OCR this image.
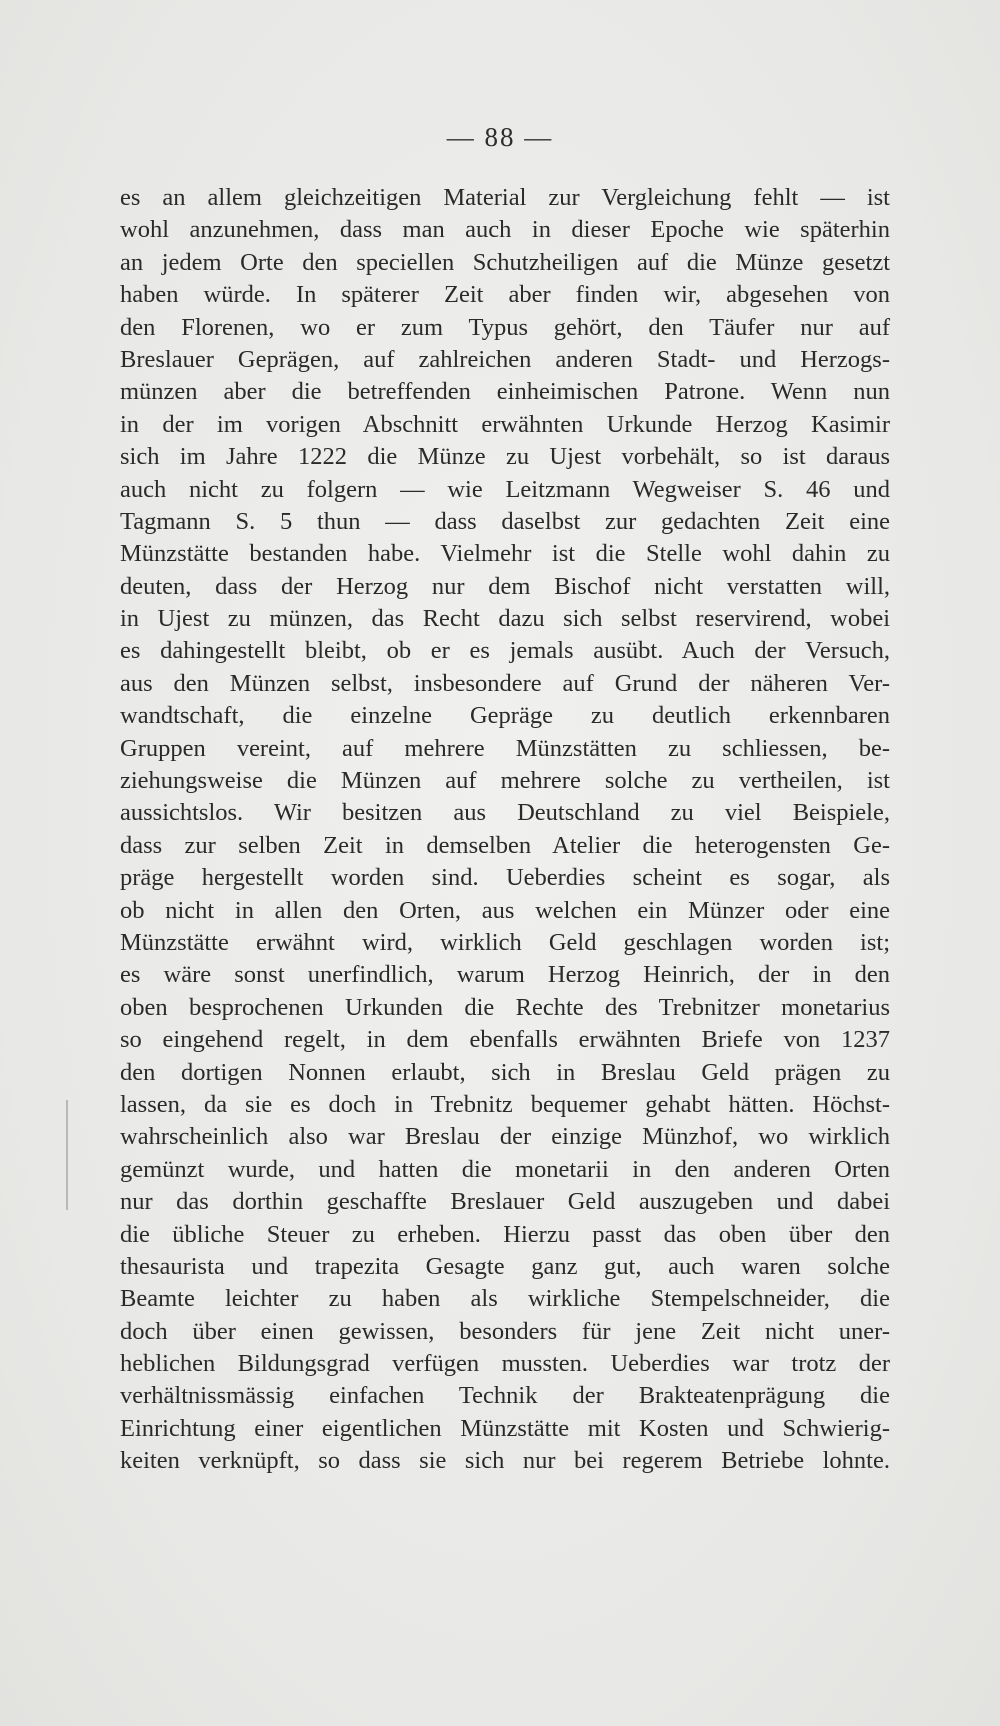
— 88 —
es an allem gleichzeitigen Material zur Vergleichung fehlt — ist
wohl anzunehmen, dass man auch in dieser Epoche wie späterhin
an jedem Orte den speciellen Schutzheiligen auf die Münze gesetzt
haben würde. In späterer Zeit aber finden wir, abgesehen von
den Florenen, wo er zum Typus gehört, den Täufer nur auf
Breslauer Geprägen, auf zahlreichen anderen Stadt- und Herzogs-
münzen aber die betreffenden einheimischen Patrone. Wenn nun
in der im vorigen Abschnitt erwähnten Urkunde Herzog Kasimir
sich im Jahre 1222 die Münze zu Ujest vorbehält, so ist daraus
auch nicht zu folgern — wie Leitzmann Wegweiser S. 46 und
Tagmann S. 5 thun — dass daselbst zur gedachten Zeit eine
Münzstätte bestanden habe. Vielmehr ist die Stelle wohl dahin zu
deuten, dass der Herzog nur dem Bischof nicht verstatten will,
in Ujest zu münzen, das Recht dazu sich selbst reservirend, wobei
es dahingestellt bleibt, ob er es jemals ausübt. Auch der Versuch,
aus den Münzen selbst, insbesondere auf Grund der näheren Ver-
wandtschaft, die einzelne Gepräge zu deutlich erkennbaren
Gruppen vereint, auf mehrere Münzstätten zu schliessen, be-
ziehungsweise die Münzen auf mehrere solche zu vertheilen, ist
aussichtslos. Wir besitzen aus Deutschland zu viel Beispiele,
dass zur selben Zeit in demselben Atelier die heterogensten Ge-
präge hergestellt worden sind. Ueberdies scheint es sogar, als
ob nicht in allen den Orten, aus welchen ein Münzer oder eine
Münzstätte erwähnt wird, wirklich Geld geschlagen worden ist;
es wäre sonst unerfindlich, warum Herzog Heinrich, der in den
oben besprochenen Urkunden die Rechte des Trebnitzer monetarius
so eingehend regelt, in dem ebenfalls erwähnten Briefe von 1237
den dortigen Nonnen erlaubt, sich in Breslau Geld prägen zu
lassen, da sie es doch in Trebnitz bequemer gehabt hätten. Höchst-
wahrscheinlich also war Breslau der einzige Münzhof, wo wirklich
gemünzt wurde, und hatten die monetarii in den anderen Orten
nur das dorthin geschaffte Breslauer Geld auszugeben und dabei
die übliche Steuer zu erheben. Hierzu passt das oben über den
thesaurista und trapezita Gesagte ganz gut, auch waren solche
Beamte leichter zu haben als wirkliche Stempelschneider, die
doch über einen gewissen, besonders für jene Zeit nicht uner-
heblichen Bildungsgrad verfügen mussten. Ueberdies war trotz der
verhältnissmässig einfachen Technik der Brakteatenprägung die
Einrichtung einer eigentlichen Münzstätte mit Kosten und Schwierig-
keiten verknüpft, so dass sie sich nur bei regerem Betriebe lohnte.
